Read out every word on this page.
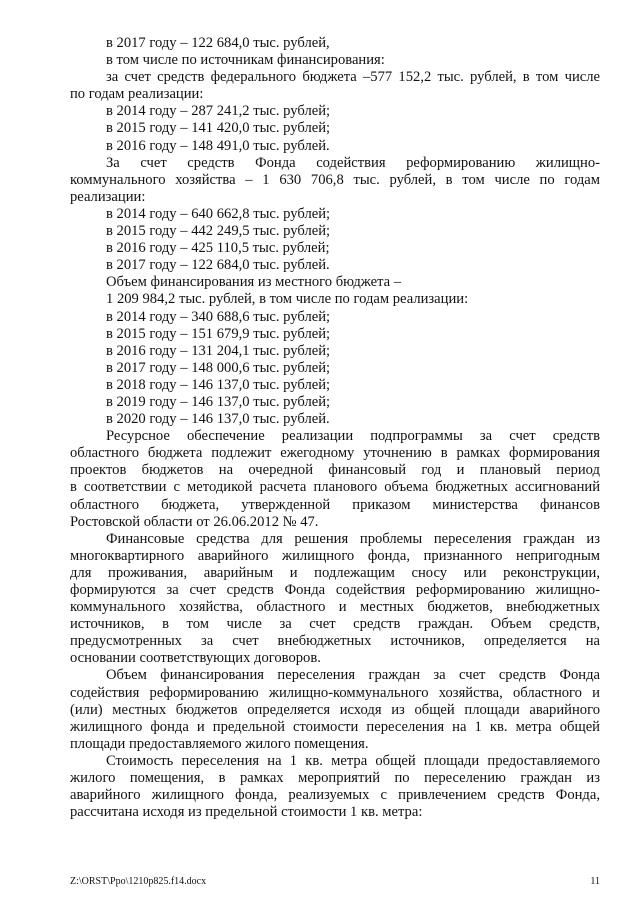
в 2017 году – 122 684,0 тыс. рублей,
в том числе по источникам финансирования:
за счет средств федерального бюджета –577 152,2 тыс. рублей, в том числе
по годам реализации:
в 2014 году – 287 241,2 тыс. рублей;
в 2015 году – 141 420,0 тыс. рублей;
в 2016 году – 148 491,0 тыс. рублей.
За счет средств Фонда содействия реформированию жилищно-
коммунального хозяйства – 1 630 706,8 тыс. рублей, в том числе по годам
реализации:
в 2014 году – 640 662,8 тыс. рублей;
в 2015 году – 442 249,5 тыс. рублей;
в 2016 году – 425 110,5 тыс. рублей;
в 2017 году – 122 684,0 тыс. рублей.
Объем финансирования из местного бюджета –
1 209 984,2 тыс. рублей, в том числе по годам реализации:
в 2014 году – 340 688,6 тыс. рублей;
в 2015 году – 151 679,9 тыс. рублей;
в 2016 году – 131 204,1 тыс. рублей;
в 2017 году – 148 000,6 тыс. рублей;
в 2018 году – 146 137,0 тыс. рублей;
в 2019 году – 146 137,0 тыс. рублей;
в 2020 году – 146 137,0 тыс. рублей.
Ресурсное обеспечение реализации подпрограммы за счет средств
областного бюджета подлежит ежегодному уточнению в рамках формирования
проектов бюджетов на очередной финансовый год и плановый период
в соответствии с методикой расчета планового объема бюджетных ассигнований
областного бюджета, утвержденной приказом министерства финансов
Ростовской области от 26.06.2012 № 47.
Финансовые средства для решения проблемы переселения граждан из
многоквартирного аварийного жилищного фонда, признанного непригодным
для проживания, аварийным и подлежащим сносу или реконструкции,
формируются за счет средств Фонда содействия реформированию жилищно-
коммунального хозяйства, областного и местных бюджетов, внебюджетных
источников, в том числе за счет средств граждан. Объем средств,
предусмотренных за счет внебюджетных источников, определяется на
основании соответствующих договоров.
Объем финансирования переселения граждан за счет средств Фонда
содействия реформированию жилищно-коммунального хозяйства, областного и
(или) местных бюджетов определяется исходя из общей площади аварийного
жилищного фонда и предельной стоимости переселения на 1 кв. метра общей
площади предоставляемого жилого помещения.
Стоимость переселения на 1 кв. метра общей площади предоставляемого
жилого помещения, в рамках мероприятий по переселению граждан из
аварийного жилищного фонда, реализуемых с привлечением средств Фонда,
рассчитана исходя из предельной стоимости 1 кв. метра:
Z:\ORST\Ppo\1210p825.f14.docx	11
